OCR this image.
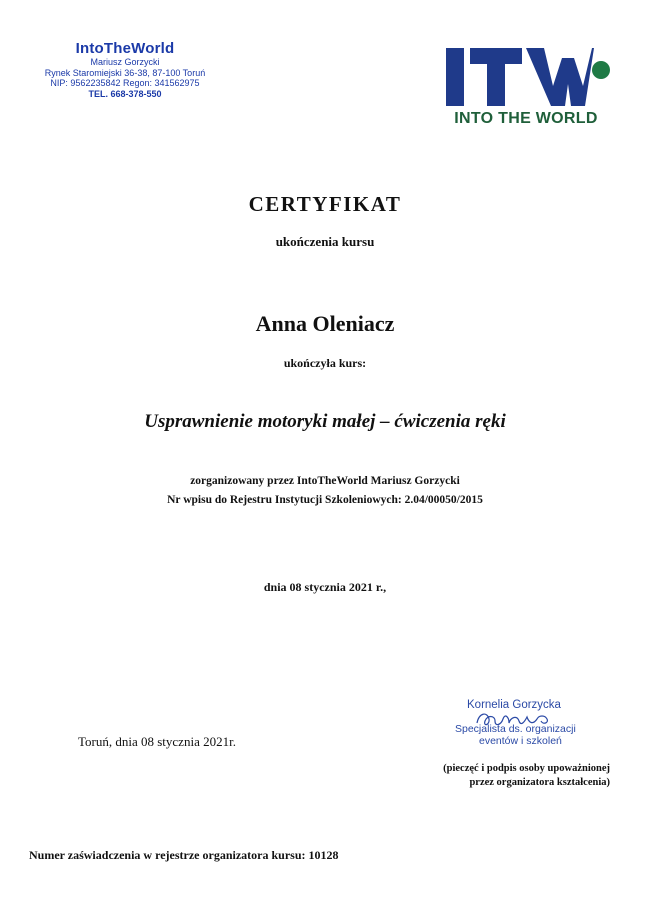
IntoTheWorld
Mariusz Gorzycki
Rynek Staromiejski 36-38, 87-100 Toruń
NIP: 9562235842 Regon: 341562975
TEL. 668-378-550
INTO THE WORLD
CERTYFIKAT
ukończenia kursu
Anna Oleniacz
ukończyła kurs:
Usprawnienie motoryki małej – ćwiczenia ręki
zorganizowany przez IntoTheWorld Mariusz Gorzycki
Nr wpisu do Rejestru Instytucji Szkoleniowych: 2.04/00050/2015
dnia 08 stycznia 2021 r.,
Toruń, dnia 08 stycznia 2021r.
Kornelia Gorzycka
Specjalista ds. organizacji
eventów i szkoleń
(pieczęć i podpis osoby upoważnionej
przez organizatora kształcenia)
Numer zaświadczenia w rejestrze organizatora kursu: 10128
